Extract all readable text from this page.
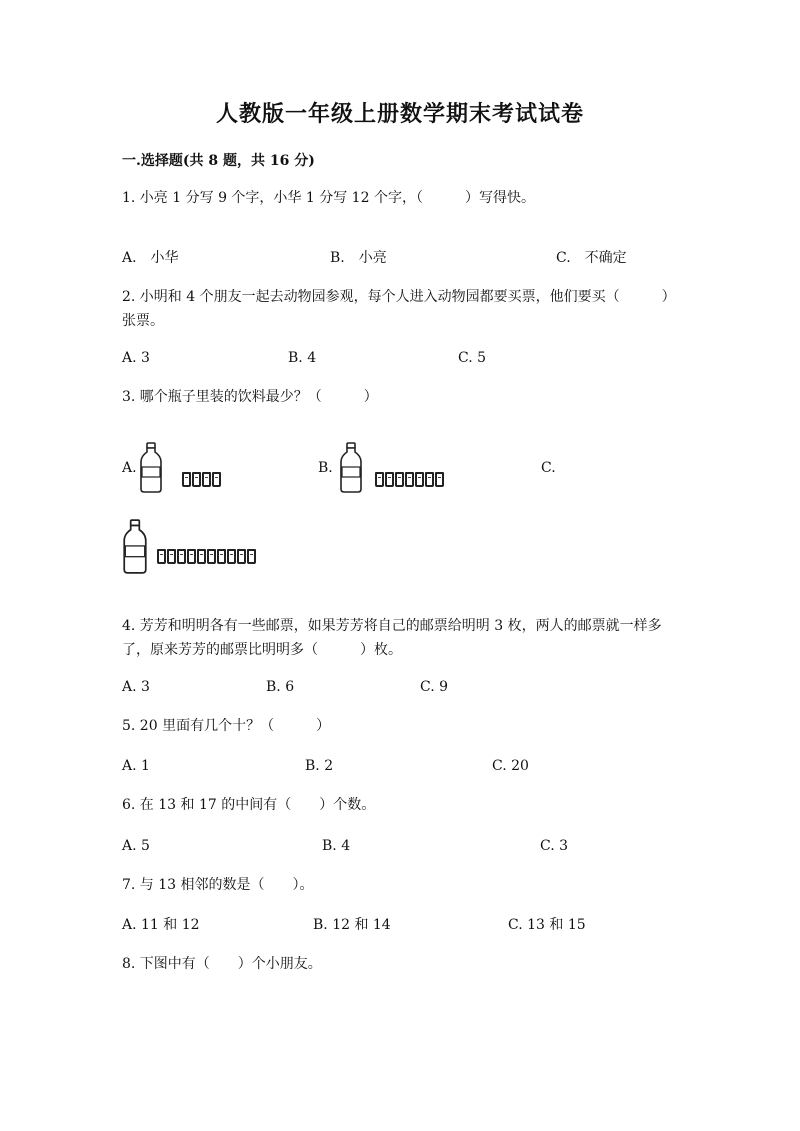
人教版一年级上册数学期末考试试卷
一.选择题(共 8 题，共 16 分)
1. 小亮 1 分写 9 个字，小华 1 分写 12 个字，（　　　）写得快。
A.　小华	B.　小亮	C.　不确定
2. 小明和 4 个朋友一起去动物园参观，每个人进入动物园都要买票，他们要买（　　　）张票。
A. 3	B. 4	C. 5
3. 哪个瓶子里装的饮料最少？（　　　）
A.	B.	C.
4. 芳芳和明明各有一些邮票，如果芳芳将自己的邮票给明明 3 枚，两人的邮票就一样多了，原来芳芳的邮票比明明多（　　　）枚。
A. 3	B. 6	C. 9
5. 20 里面有几个十？（　　　）
A. 1	B. 2	C. 20
6. 在 13 和 17 的中间有（　　）个数。
A. 5	B. 4	C. 3
7. 与 13 相邻的数是（　　）。
A. 11 和 12	B. 12 和 14	C. 13 和 15
8. 下图中有（　　）个小朋友。
